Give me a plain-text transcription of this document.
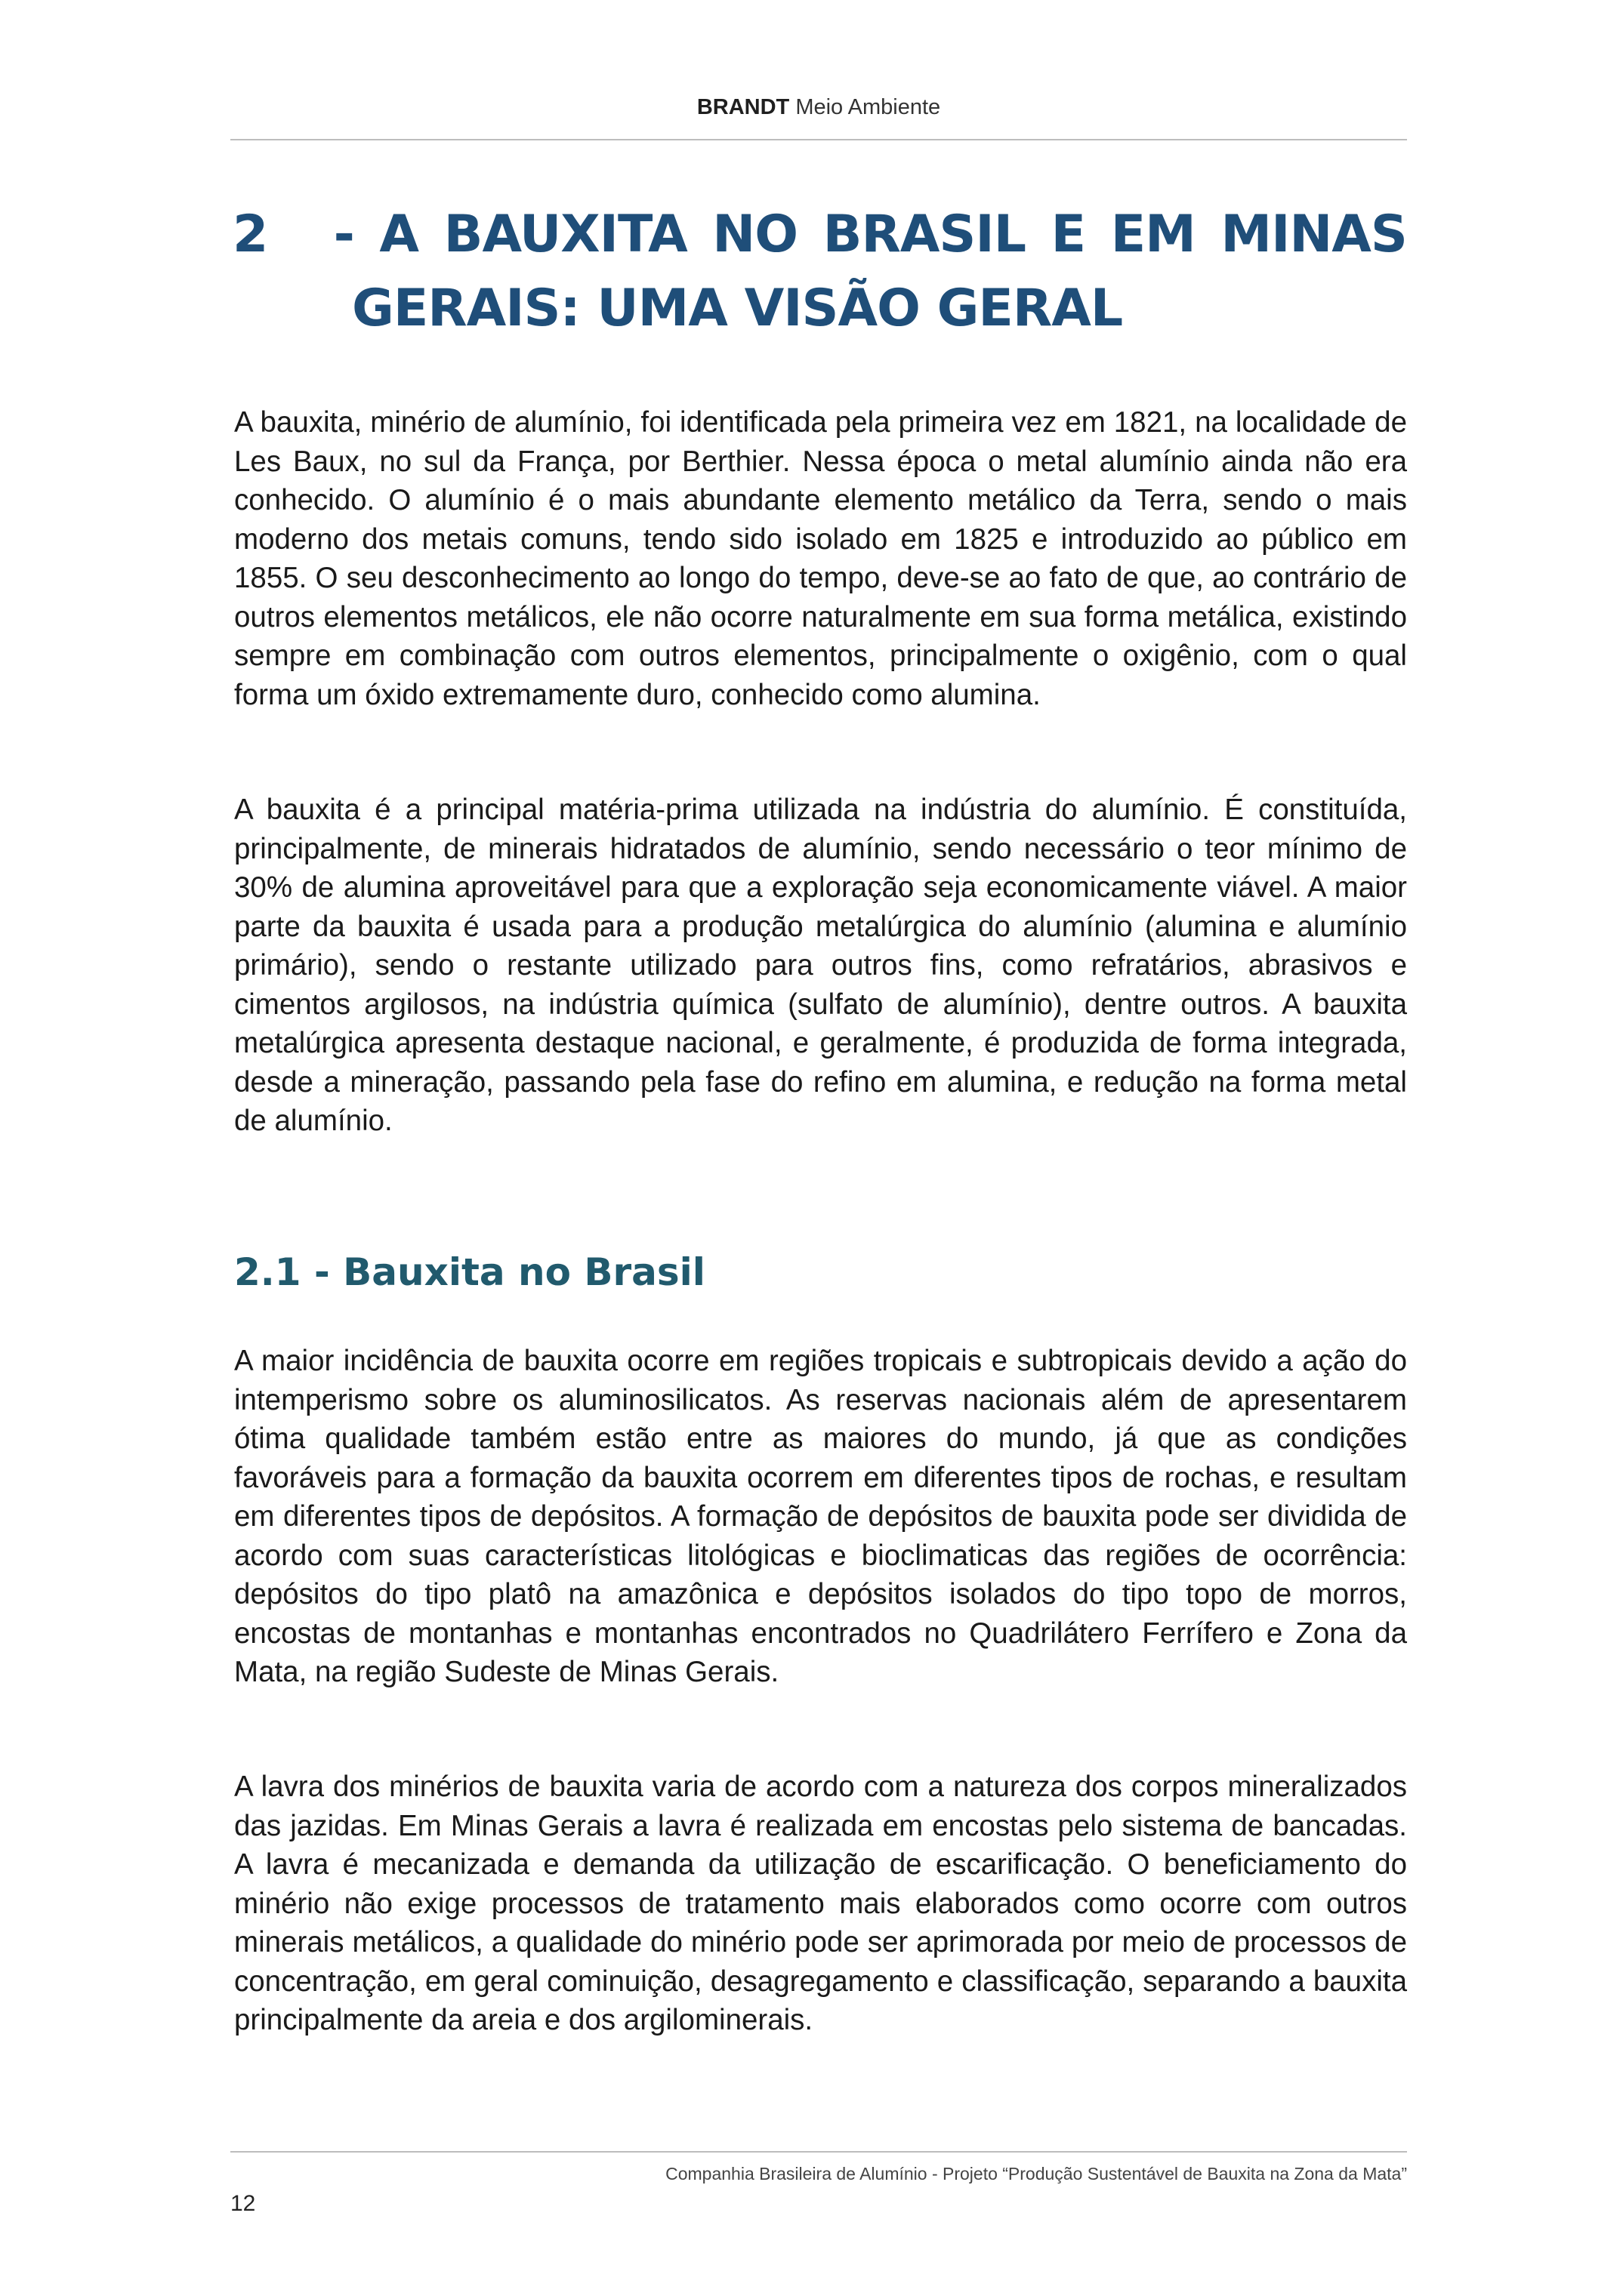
BRANDT Meio Ambiente
2	- A BAUXITA NO BRASIL E EM MINAS
GERAIS: UMA VISÃO GERAL

A bauxita, minério de alumínio, foi identificada pela primeira vez em 1821, na localidade de Les Baux, no sul da França, por Berthier. Nessa época o metal alumínio ainda não era conhecido. O alumínio é o mais abundante elemento metálico da Terra, sendo o mais moderno dos metais comuns, tendo sido isolado em 1825 e introduzido ao público em 1855. O seu desconhecimento ao longo do tempo, deve-se ao fato de que, ao contrário de outros elementos metálicos, ele não ocorre naturalmente em sua forma metálica, existindo sempre em combinação com outros elementos, principalmente o oxigênio, com o qual forma um óxido extremamente duro, conhecido como alumina.

A bauxita é a principal matéria-prima utilizada na indústria do alumínio. É constituída, principalmente, de minerais hidratados de alumínio, sendo necessário o teor mínimo de 30% de alumina aproveitável para que a exploração seja economicamente viável. A maior parte da bauxita é usada para a produção metalúrgica do alumínio (alumina e alumínio primário), sendo o restante utilizado para outros fins, como refratários, abrasivos e cimentos argilosos, na indústria química (sulfato de alumínio), dentre outros. A bauxita metalúrgica apresenta destaque nacional, e geralmente, é produzida de forma integrada, desde a mineração, passando pela fase do refino em alumina, e redução na forma metal de alumínio.

2.1 - Bauxita no Brasil

A maior incidência de bauxita ocorre em regiões tropicais e subtropicais devido a ação do intemperismo sobre os aluminosilicatos. As reservas nacionais além de apresentarem ótima qualidade também estão entre as maiores do mundo, já que as condições favoráveis para a formação da bauxita ocorrem em diferentes tipos de rochas, e resultam em diferentes tipos de depósitos. A formação de depósitos de bauxita pode ser dividida de acordo com suas características litológicas e bioclimaticas das regiões de ocorrência: depósitos do tipo platô na amazônica e depósitos isolados do tipo topo de morros, encostas de montanhas e montanhas encontrados no Quadrilátero Ferrífero e Zona da Mata, na região Sudeste de Minas Gerais.

A lavra dos minérios de bauxita varia de acordo com a natureza dos corpos mineralizados das jazidas. Em Minas Gerais a lavra é realizada em encostas pelo sistema de bancadas. A lavra é mecanizada e demanda da utilização de escarificação. O beneficiamento do minério não exige processos de tratamento mais elaborados como ocorre com outros minerais metálicos, a qualidade do minério pode ser aprimorada por meio de processos de concentração, em geral cominuição, desagregamento e classificação, separando a bauxita principalmente da areia e dos argilominerais.

Companhia Brasileira de Alumínio - Projeto “Produção Sustentável de Bauxita na Zona da Mata”
12
